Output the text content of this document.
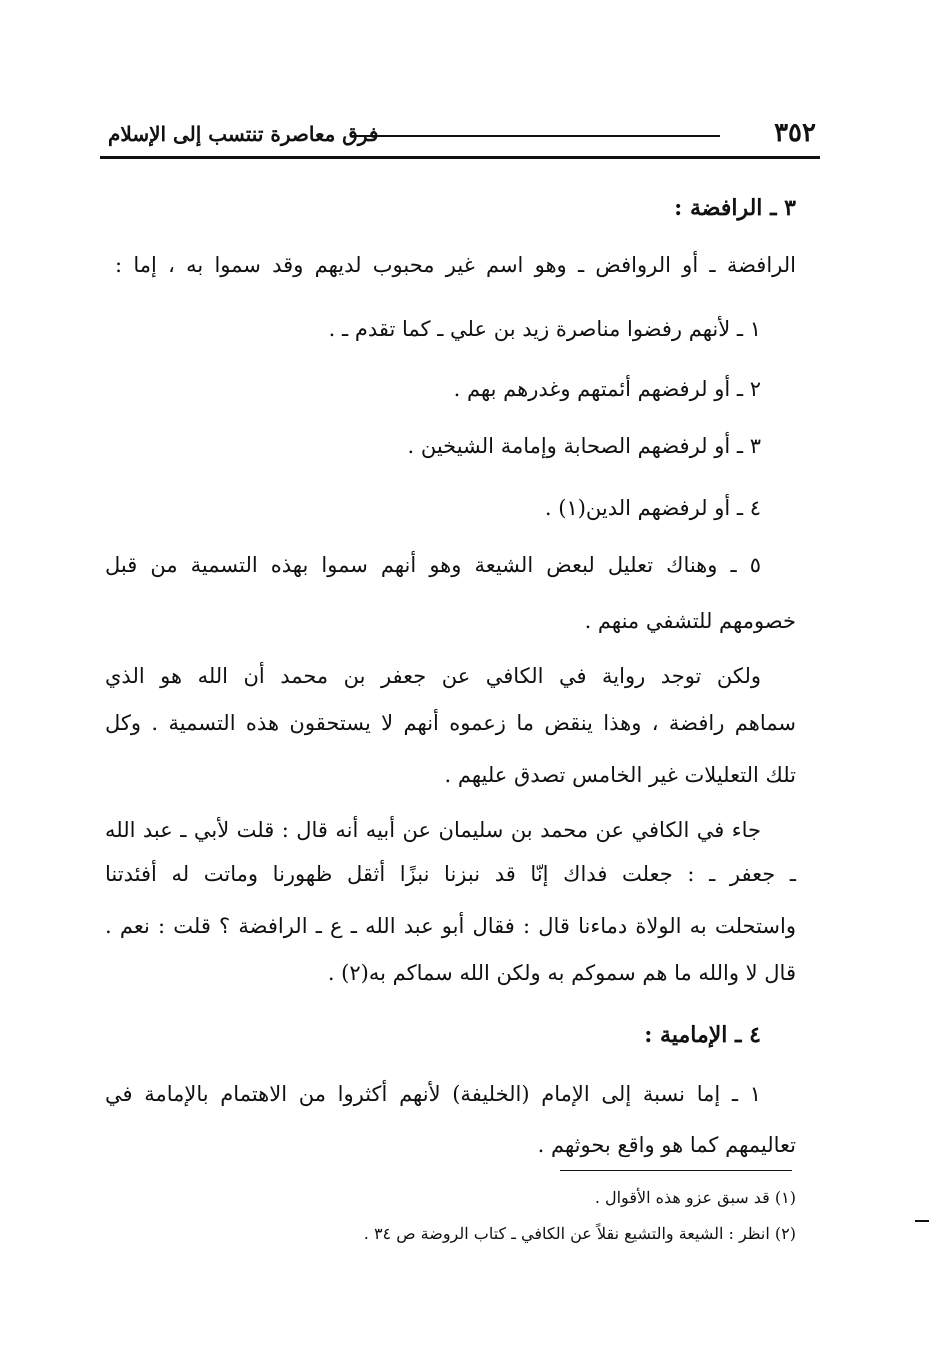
٣٥٢
فرق معاصرة تنتسب إلى الإسلام
٣ ـ الرافضة :
الرافضة ـ أو الروافض ـ وهو اسم غير محبوب لديهم وقد سموا به ، إما :
١ ـ لأنهم رفضوا مناصرة زيد بن علي ـ كما تقدم ـ .
٢ ـ أو لرفضهم أئمتهم وغدرهم بهم .
٣ ـ أو لرفضهم الصحابة وإمامة الشيخين .
٤ ـ أو لرفضهم الدين(١) .
٥ ـ وهناك تعليل لبعض الشيعة وهو أنهم سموا بهذه التسمية من قبل
خصومهم للتشفي منهم .
ولكن توجد رواية في الكافي عن جعفر بن محمد أن الله هو الذي
سماهم رافضة ، وهذا ينقض ما زعموه أنهم لا يستحقون هذه التسمية . وكل
تلك التعليلات غير الخامس تصدق عليهم .
جاء في الكافي عن محمد بن سليمان عن أبيه أنه قال : قلت لأبي ـ عبد الله
ـ جعفر ـ : جعلت فداك إنّا قد نبزنا نبزًا أثقل ظهورنا وماتت له أفئدتنا
واستحلت به الولاة دماءنا قال : فقال أبو عبد الله ـ ع ـ الرافضة ؟ قلت : نعم .
قال لا والله ما هم سموكم به ولكن الله سماكم به(٢) .
٤ ـ الإمامية :
١ ـ إما نسبة إلى الإمام (الخليفة) لأنهم أكثروا من الاهتمام بالإمامة في
تعاليمهم كما هو واقع بحوثهم .
(١) قد سبق عزو هذه الأقوال .
(٢) انظر : الشيعة والتشيع نقلاً عن الكافي ـ كتاب الروضة ص ٣٤ .
